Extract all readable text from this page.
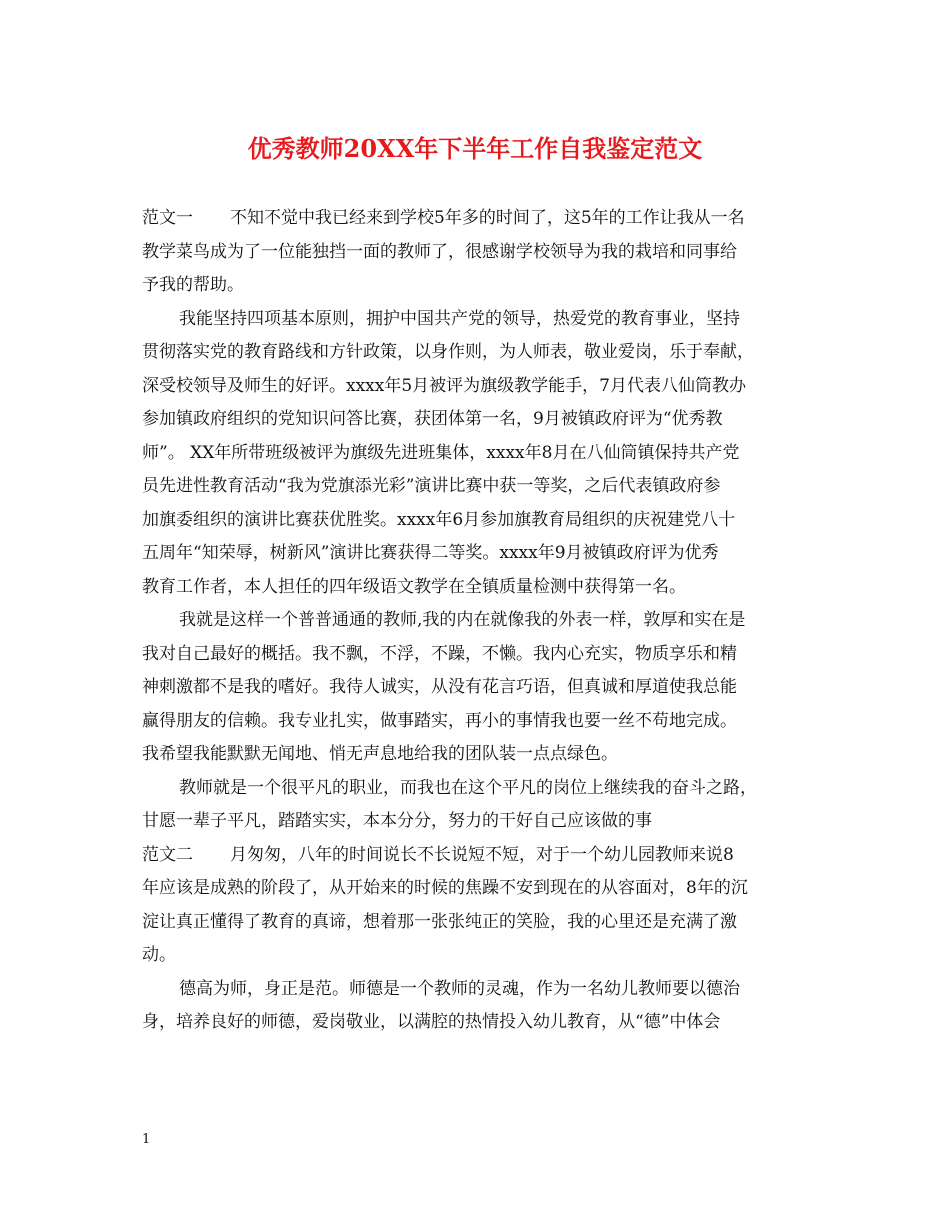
优秀教师20XX年下半年工作自我鉴定范文

范文一 不知不觉中我已经来到学校5年多的时间了，这5年的工作让我从一名

教学菜鸟成为了一位能独挡一面的教师了，很感谢学校领导为我的栽培和同事给

予我的帮助。

我能坚持四项基本原则，拥护中国共产党的领导，热爱党的教育事业，坚持

贯彻落实党的教育路线和方针政策，以身作则，为人师表，敬业爱岗，乐于奉献，

深受校领导及师生的好评。xxxx年5月被评为旗级教学能手，7月代表八仙筒教办

参加镇政府组织的党知识问答比赛，获团体第一名，9月被镇政府评为“优秀教

师”。 XX年所带班级被评为旗级先进班集体，xxxx年8月在八仙筒镇保持共产党

员先进性教育活动“我为党旗添光彩”演讲比赛中获一等奖，之后代表镇政府参

加旗委组织的演讲比赛获优胜奖。xxxx年6月参加旗教育局组织的庆祝建党八十

五周年“知荣辱，树新风”演讲比赛获得二等奖。xxxx年9月被镇政府评为优秀

教育工作者，本人担任的四年级语文教学在全镇质量检测中获得第一名。

我就是这样一个普普通通的教师,我的内在就像我的外表一样，敦厚和实在是

我对自己最好的概括。我不飘，不浮，不躁，不懒。我内心充实，物质享乐和精

神刺激都不是我的嗜好。我待人诚实，从没有花言巧语，但真诚和厚道使我总能

赢得朋友的信赖。我专业扎实，做事踏实，再小的事情我也要一丝不苟地完成。

我希望我能默默无闻地、悄无声息地给我的团队装一点点绿色。

教师就是一个很平凡的职业，而我也在这个平凡的岗位上继续我的奋斗之路，

甘愿一辈子平凡，踏踏实实，本本分分，努力的干好自己应该做的事

范文二 月匆匆，八年的时间说长不长说短不短，对于一个幼儿园教师来说8

年应该是成熟的阶段了，从开始来的时候的焦躁不安到现在的从容面对，8年的沉

淀让真正懂得了教育的真谛，想着那一张张纯正的笑脸，我的心里还是充满了激

动。

德高为师，身正是范。师德是一个教师的灵魂，作为一名幼儿教师要以德治

身，培养良好的师德，爱岗敬业，以满腔的热情投入幼儿教育，从“德”中体会

1
